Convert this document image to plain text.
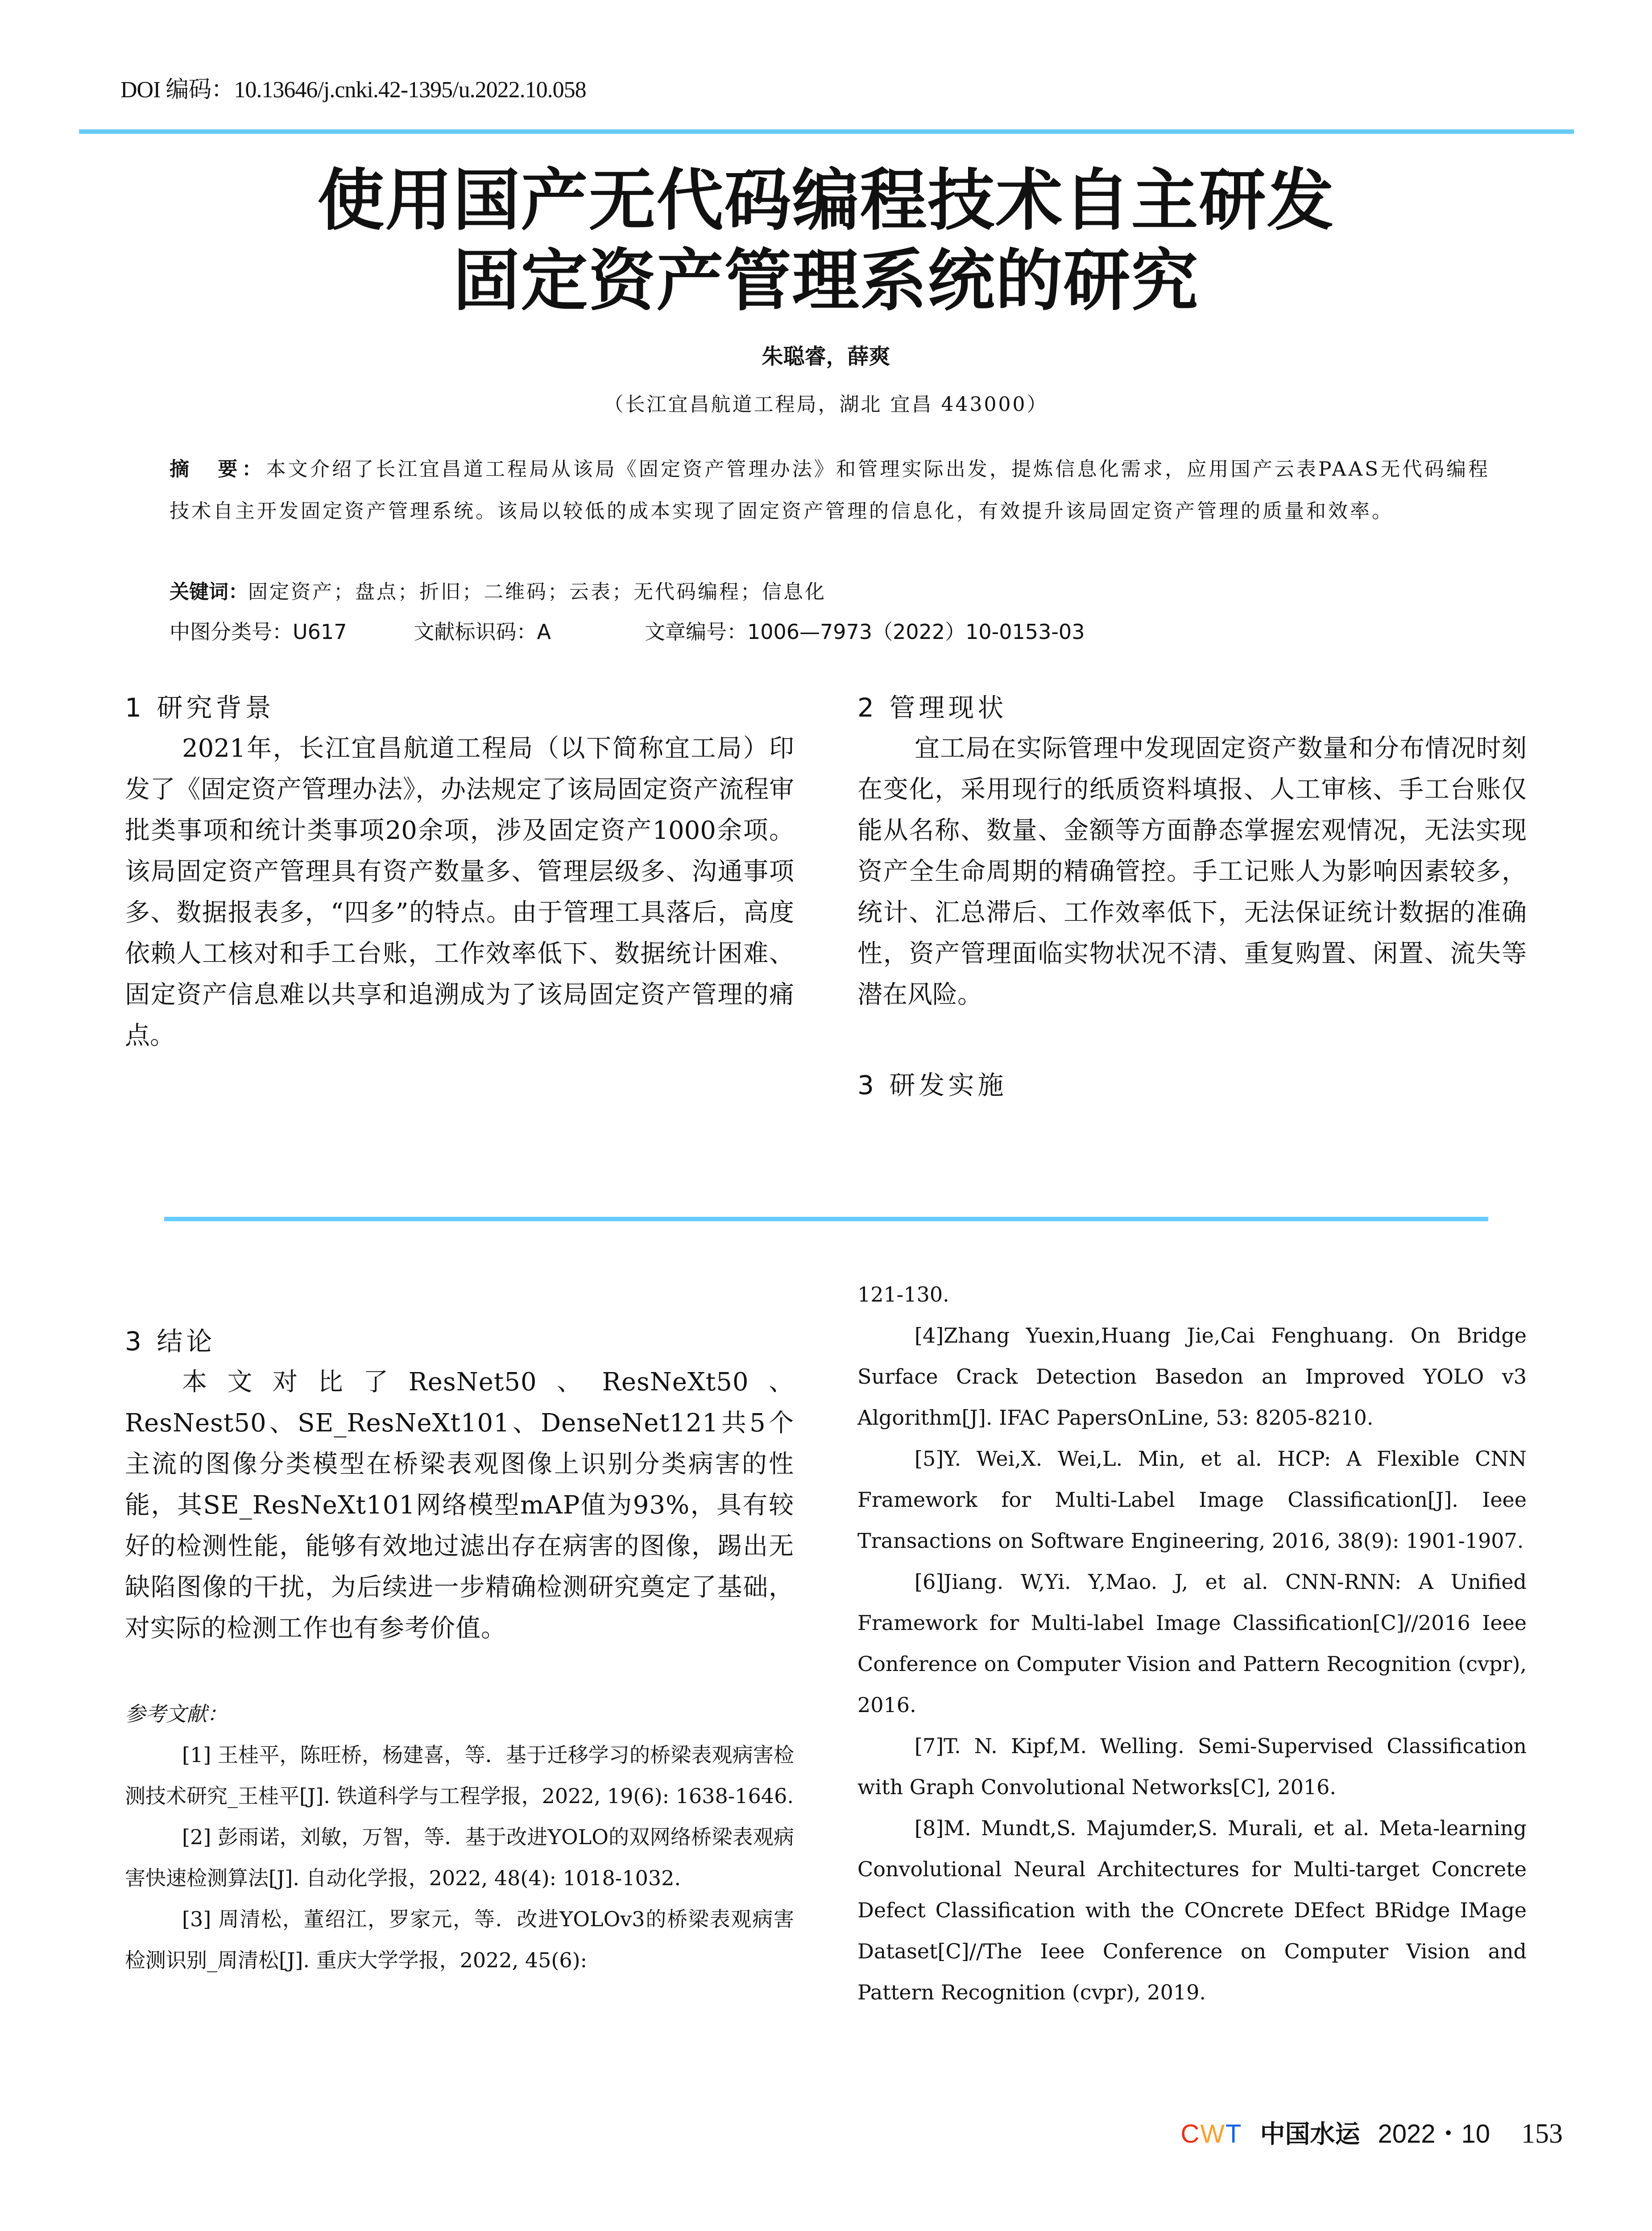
DOI 编码：10.13646/j.cnki.42-1395/u.2022.10.058
使用国产无代码编程技术自主研发
固定资产管理系统的研究
朱聪睿，薛爽
（长江宜昌航道工程局，湖北 宜昌 443000）
摘　要：本文介绍了长江宜昌道工程局从该局《固定资产管理办法》和管理实际出发，提炼信息化需求，应用国产云表PAAS无代码编程技术自主开发固定资产管理系统。该局以较低的成本实现了固定资产管理的信息化，有效提升该局固定资产管理的质量和效率。
关键词：固定资产；盘点；折旧；二维码；云表；无代码编程；信息化
中图分类号：U617	文献标识码：A	文章编号：1006—7973（2022）10-0153-03
1 研究背景

2021年，长江宜昌航道工程局（以下简称宜工局）印发了《固定资产管理办法》，办法规定了该局固定资产流程审批类事项和统计类事项20余项，涉及固定资产1000余项。该局固定资产管理具有资产数量多、管理层级多、沟通事项多、数据报表多，“四多”的特点。由于管理工具落后，高度依赖人工核对和手工台账，工作效率低下、数据统计困难、固定资产信息难以共享和追溯成为了该局固定资产管理的痛点。

2 管理现状

宜工局在实际管理中发现固定资产数量和分布情况时刻在变化，采用现行的纸质资料填报、人工审核、手工台账仅能从名称、数量、金额等方面静态掌握宏观情况，无法实现资产全生命周期的精确管控。手工记账人为影响因素较多，统计、汇总滞后、工作效率低下，无法保证统计数据的准确性，资产管理面临实物状况不清、重复购置、闲置、流失等潜在风险。

3 研发实施
3 结论

本文对比了ResNet50、ResNeXt50、ResNest50、SE_ResNeXt101、DenseNet121共5个主流的图像分类模型在桥梁表观图像上识别分类病害的性能，其SE_ResNeXt101网络模型mAP值为93%，具有较好的检测性能，能够有效地过滤出存在病害的图像，踢出无缺陷图像的干扰，为后续进一步精确检测研究奠定了基础，对实际的检测工作也有参考价值。

参考文献：

[1] 王桂平，陈旺桥，杨建喜，等．基于迁移学习的桥梁表观病害检测技术研究_王桂平[J]. 铁道科学与工程学报，2022, 19(6): 1638-1646.

[2] 彭雨诺，刘敏，万智，等．基于改进YOLO的双网络桥梁表观病害快速检测算法[J]. 自动化学报，2022, 48(4): 1018-1032.

[3] 周清松，董绍江，罗家元，等．改进YOLOv3的桥梁表观病害检测识别_周清松[J]. 重庆大学学报，2022, 45(6):

121-130.

[4]Zhang Yuexin,Huang Jie,Cai Fenghuang. On Bridge Surface Crack Detection Basedon an Improved YOLO v3 Algorithm[J]. IFAC PapersOnLine, 53: 8205-8210.

[5]Y. Wei,X. Wei,L. Min, et al. HCP: A Flexible CNN Framework for Multi-Label Image Classification[J]. Ieee Transactions on Software Engineering, 2016, 38(9): 1901-1907.

[6]Jiang. W,Yi. Y,Mao. J, et al. CNN-RNN: A Unified Framework for Multi-label Image Classification[C]//2016 Ieee Conference on Computer Vision and Pattern Recognition (cvpr), 2016.

[7]T. N. Kipf,M. Welling. Semi-Supervised Classification with Graph Convolutional Networks[C], 2016.

[8]M. Mundt,S. Majumder,S. Murali, et al. Meta-learning Convolutional Neural Architectures for Multi-target Concrete Defect Classification with the COncrete DEfect BRidge IMage Dataset[C]//The Ieee Conference on Computer Vision and Pattern Recognition (cvpr), 2019.

CWT 中国水运 2022・10 153
